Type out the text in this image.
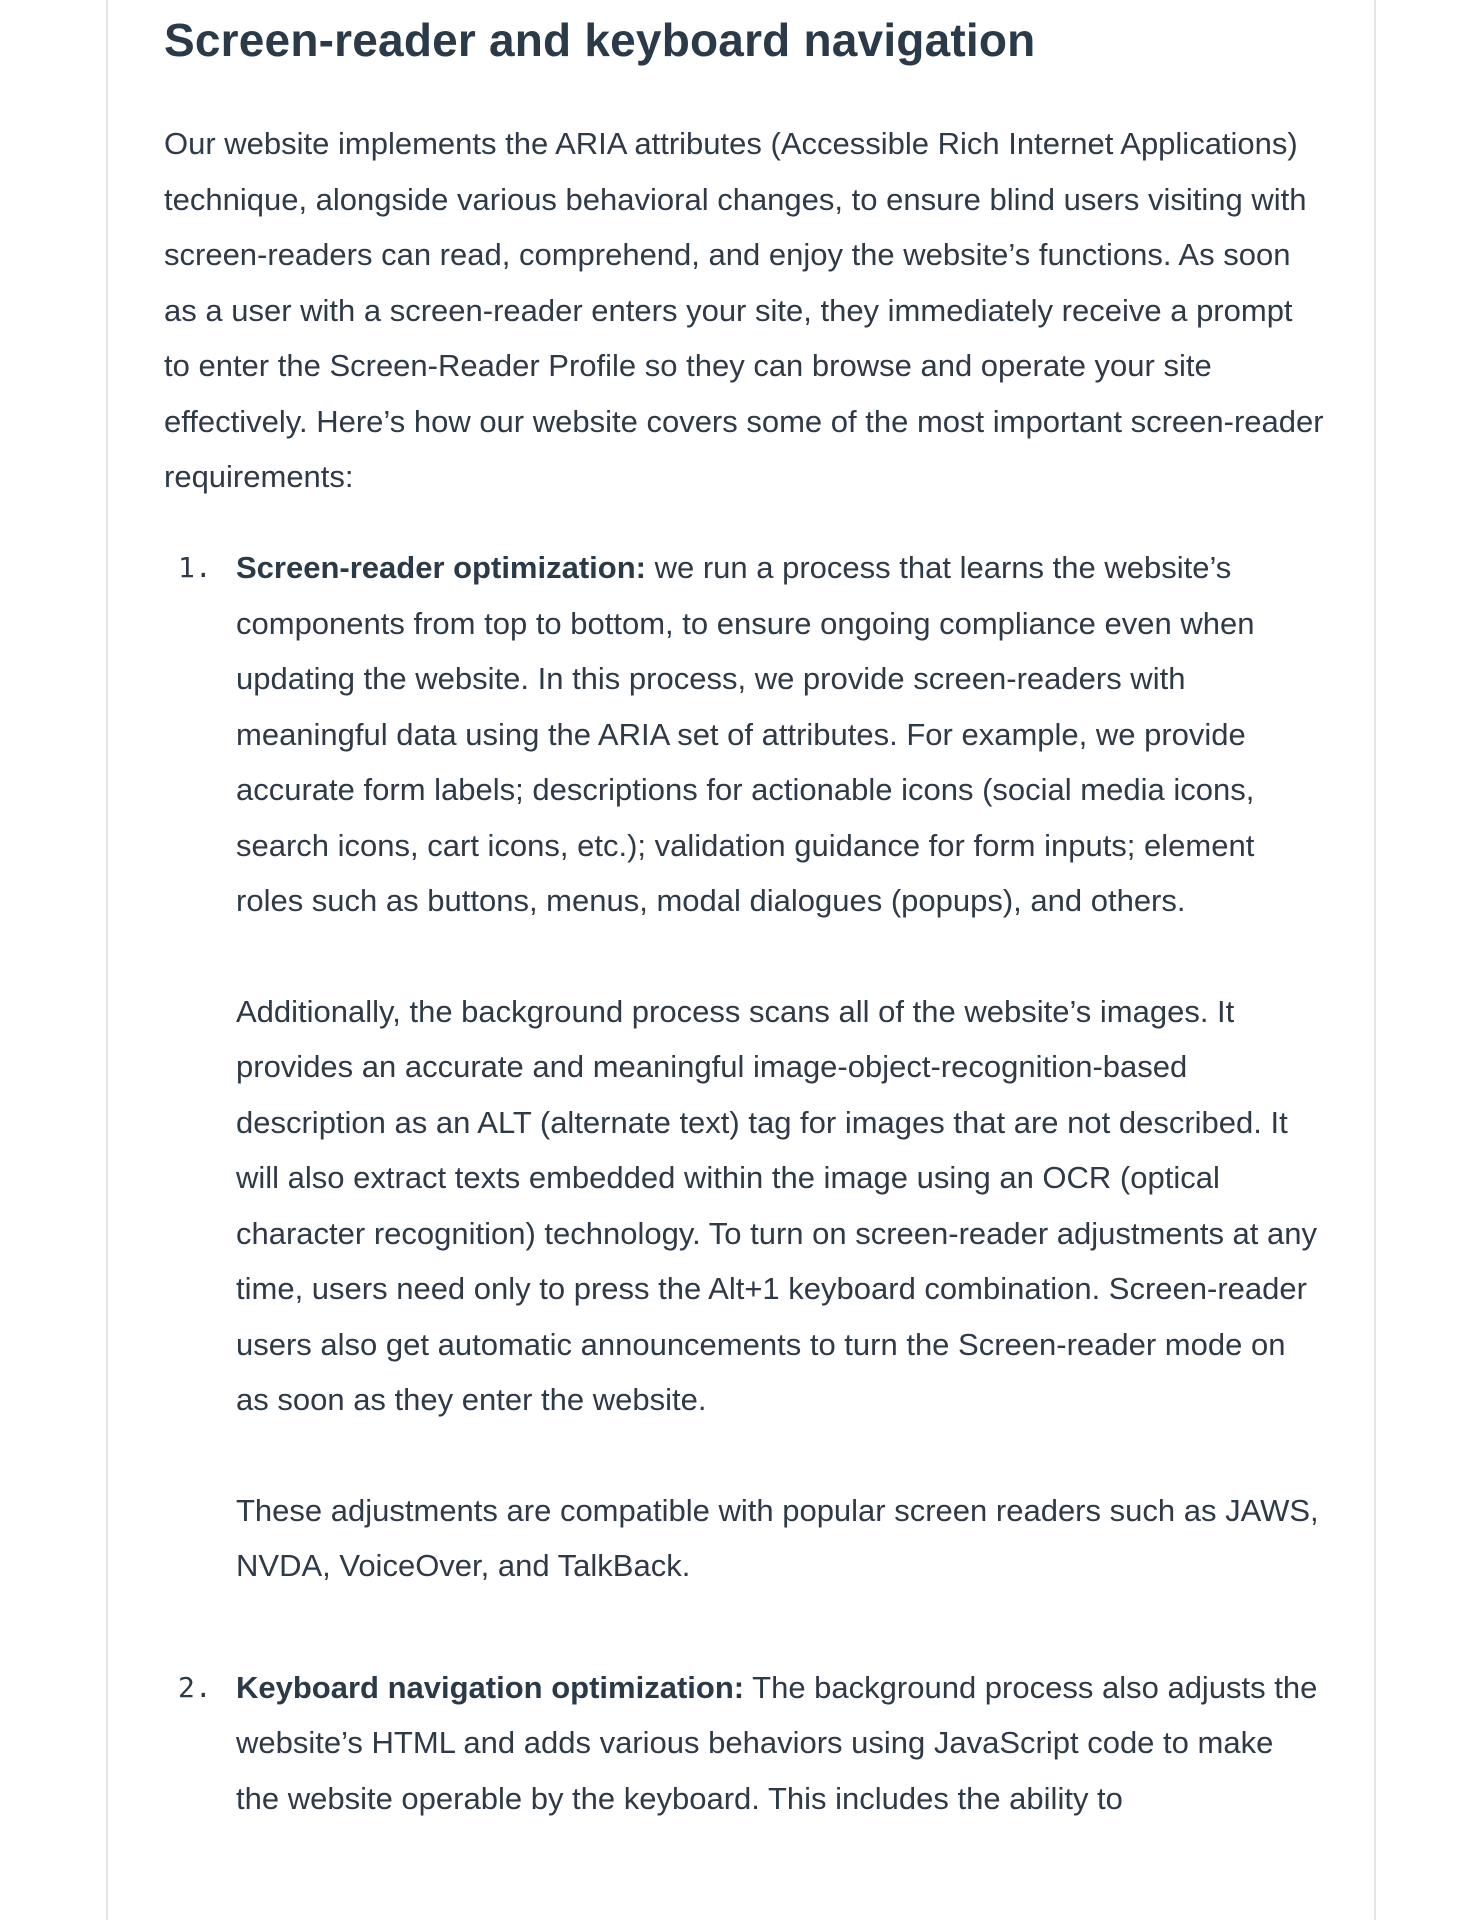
Screen-reader and keyboard navigation

Our website implements the ARIA attributes (Accessible Rich Internet Applications) technique, alongside various behavioral changes, to ensure blind users visiting with screen-readers can read, comprehend, and enjoy the website’s functions. As soon as a user with a screen-reader enters your site, they immediately receive a prompt to enter the Screen-Reader Profile so they can browse and operate your site effectively. Here’s how our website covers some of the most important screen-reader requirements:

1. Screen-reader optimization: we run a process that learns the website’s components from top to bottom, to ensure ongoing compliance even when updating the website. In this process, we provide screen-readers with meaningful data using the ARIA set of attributes. For example, we provide accurate form labels; descriptions for actionable icons (social media icons, search icons, cart icons, etc.); validation guidance for form inputs; element roles such as buttons, menus, modal dialogues (popups), and others.

Additionally, the background process scans all of the website’s images. It provides an accurate and meaningful image-object-recognition-based description as an ALT (alternate text) tag for images that are not described. It will also extract texts embedded within the image using an OCR (optical character recognition) technology. To turn on screen-reader adjustments at any time, users need only to press the Alt+1 keyboard combination. Screen-reader users also get automatic announcements to turn the Screen-reader mode on as soon as they enter the website.

These adjustments are compatible with popular screen readers such as JAWS, NVDA, VoiceOver, and TalkBack.

2. Keyboard navigation optimization: The background process also adjusts the website’s HTML and adds various behaviors using JavaScript code to make the website operable by the keyboard. This includes the ability to
